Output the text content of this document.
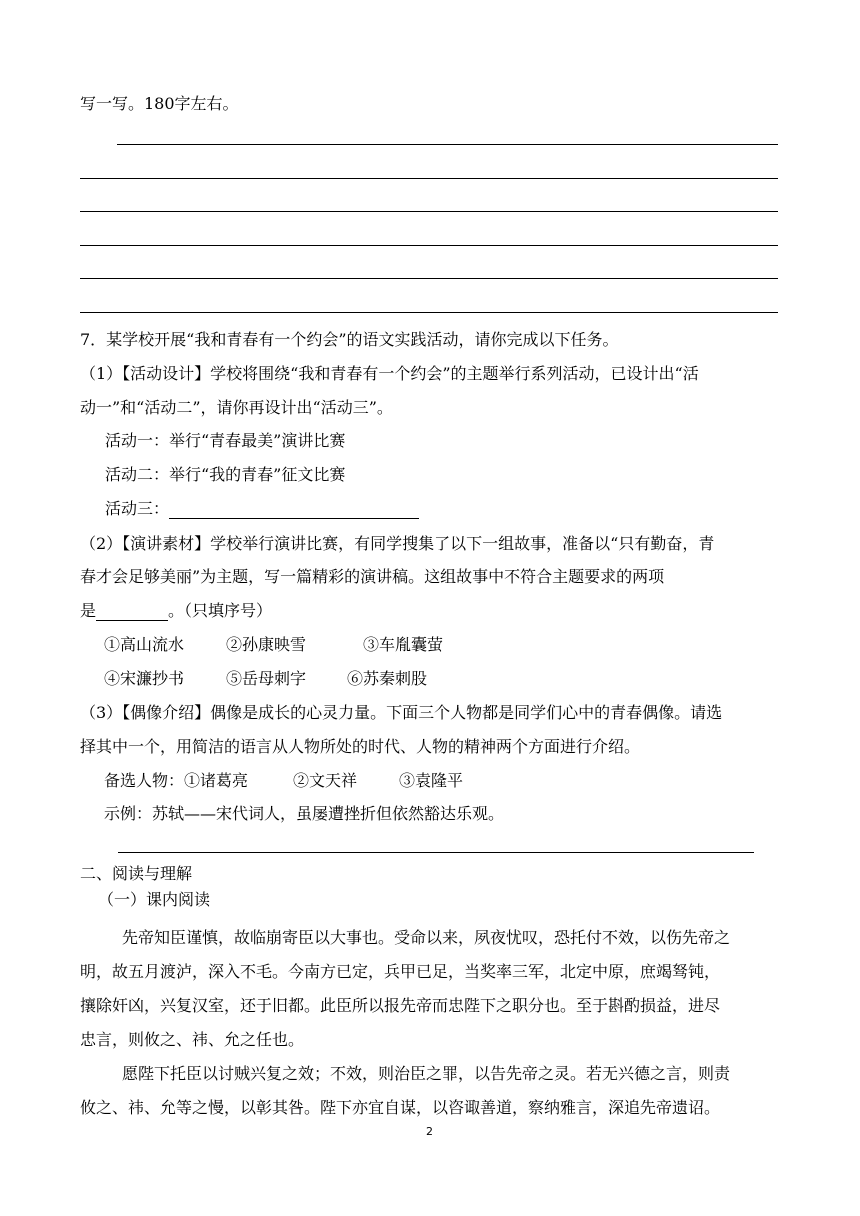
写一写。180字左右。
7．某学校开展“我和青春有一个约会”的语文实践活动，请你完成以下任务。
（1）【活动设计】学校将围绕“我和青春有一个约会”的主题举行系列活动，已设计出“活
动一”和“活动二”，请你再设计出“活动三”。
活动一：举行“青春最美”演讲比赛
活动二：举行“我的青春”征文比赛
活动三：
（2）【演讲素材】学校举行演讲比赛，有同学搜集了以下一组故事，准备以“只有勤奋，青
春才会足够美丽”为主题，写一篇精彩的演讲稿。这组故事中不符合主题要求的两项
是	。（只填序号）
①高山流水	②孙康映雪	③车胤囊萤
④宋濂抄书	⑤岳母刺字	⑥苏秦刺股
（3）【偶像介绍】偶像是成长的心灵力量。下面三个人物都是同学们心中的青春偶像。请选
择其中一个，用简洁的语言从人物所处的时代、人物的精神两个方面进行介绍。
备选人物：①诸葛亮	②文天祥	③袁隆平
示例：苏轼——宋代词人，虽屡遭挫折但依然豁达乐观。
二、阅读与理解
（一）课内阅读
先帝知臣谨慎，故临崩寄臣以大事也。受命以来，夙夜忧叹，恐托付不效，以伤先帝之
明，故五月渡泸，深入不毛。今南方已定，兵甲已足，当奖率三军，北定中原，庶竭驽钝，
攘除奸凶，兴复汉室，还于旧都。此臣所以报先帝而忠陛下之职分也。至于斟酌损益，进尽
忠言，则攸之、祎、允之任也。
愿陛下托臣以讨贼兴复之效；不效，则治臣之罪，以告先帝之灵。若无兴德之言，则责
攸之、祎、允等之慢，以彰其咎。陛下亦宜自谋，以咨诹善道，察纳雅言，深追先帝遗诏。
2
